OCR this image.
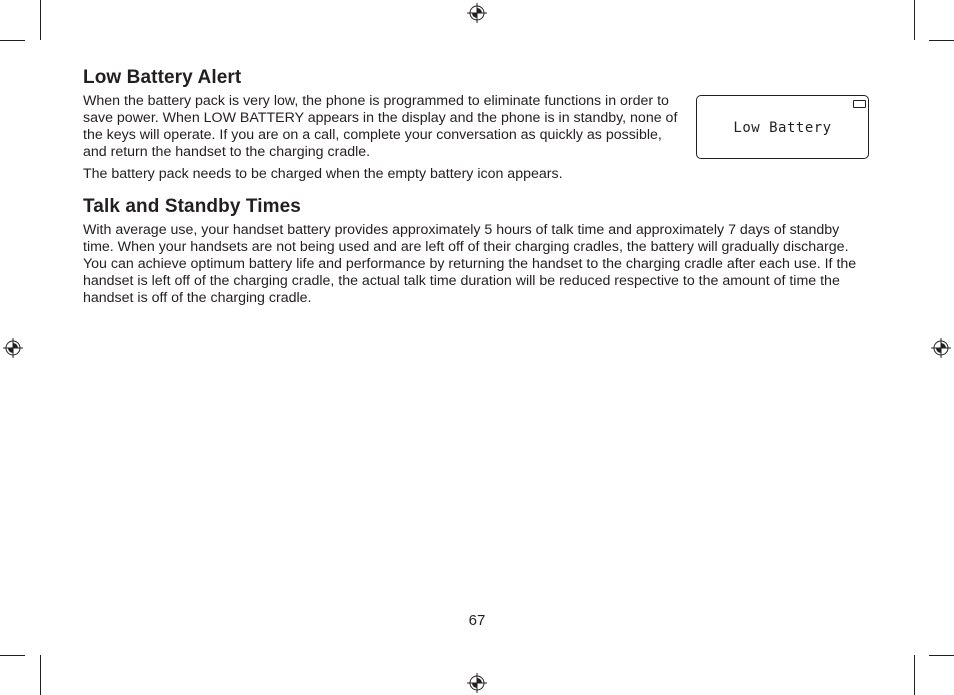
Low Battery Alert

When the battery pack is very low, the phone is programmed to eliminate functions in order to save power. When LOW BATTERY appears in the display and the phone is in standby, none of the keys will operate. If you are on a call, complete your conversation as quickly as possible, and return the handset to the charging cradle.

The battery pack needs to be charged when the empty battery icon appears.

Low Battery
Talk and Standby Times

With average use, your handset battery provides approximately 5 hours of talk time and approximately 7 days of standby time. When your handsets are not being used and are left off of their charging cradles, the battery will gradually discharge. You can achieve optimum battery life and performance by returning the handset to the charging cradle after each use. If the handset is left off of the charging cradle, the actual talk time duration will be reduced respective to the amount of time the handset is off of the charging cradle.

67
